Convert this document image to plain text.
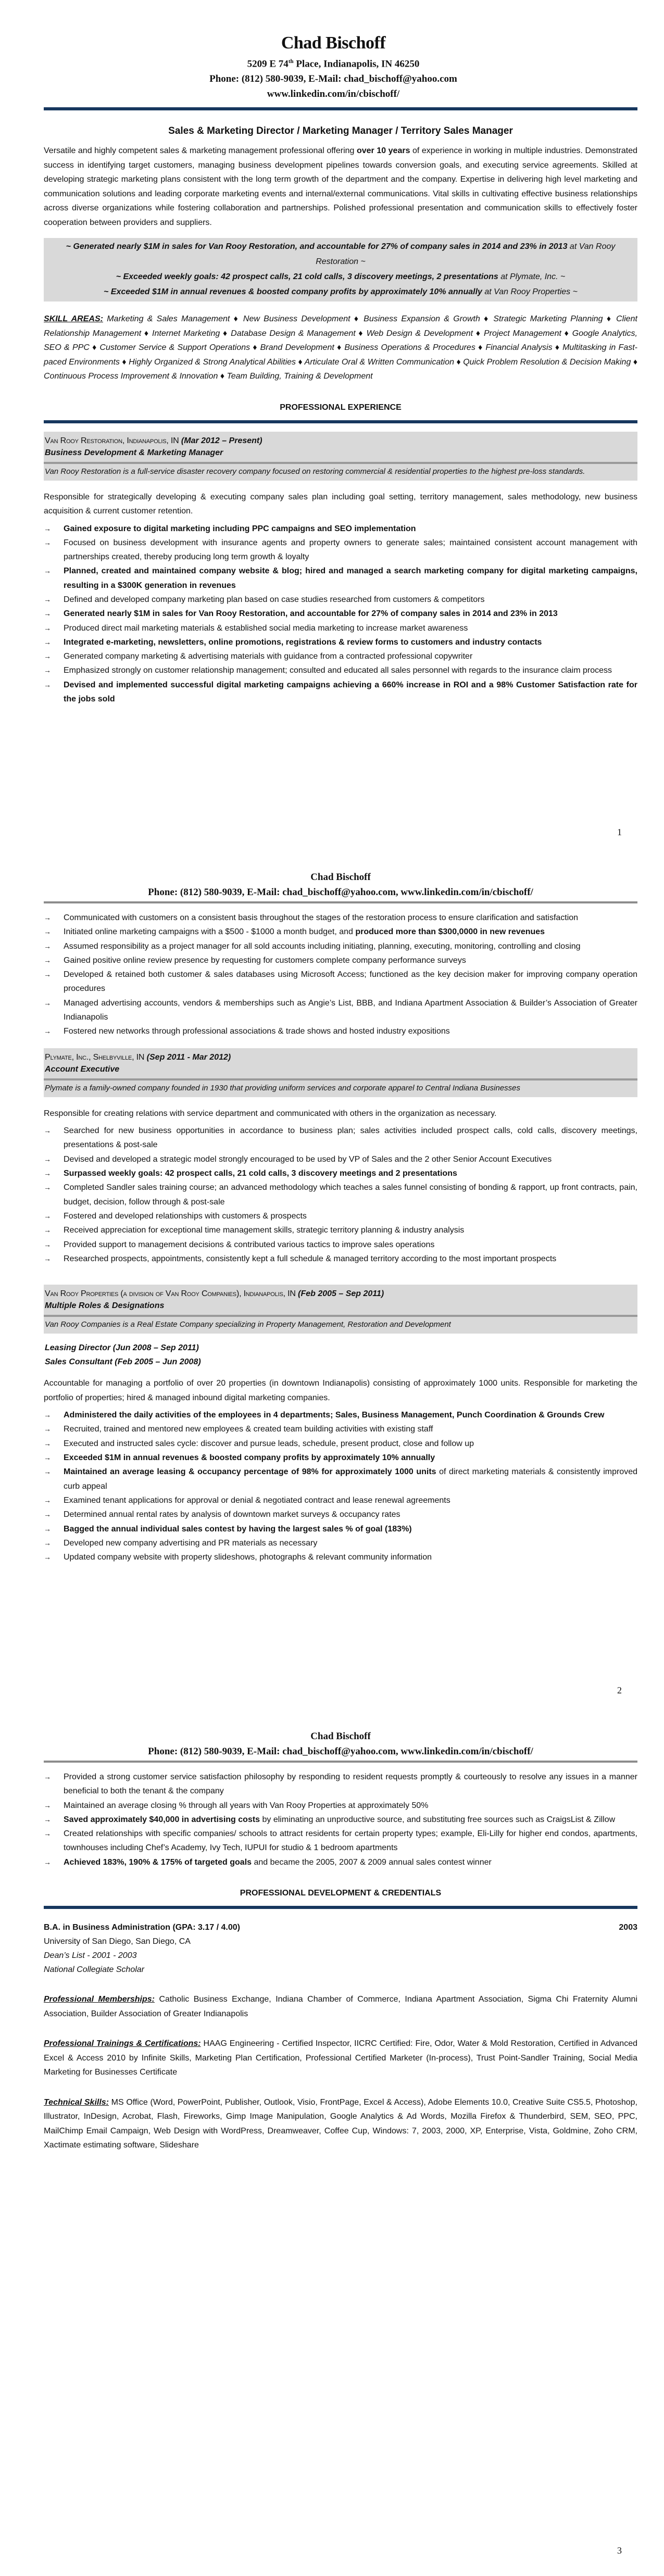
Chad Bischoff
5209 E 74th Place, Indianapolis, IN 46250
Phone: (812) 580-9039, E-Mail: chad_bischoff@yahoo.com
www.linkedin.com/in/cbischoff/
Sales & Marketing Director / Marketing Manager / Territory Sales Manager

Versatile and highly competent sales & marketing management professional offering over 10 years of experience in working in multiple industries. Demonstrated success in identifying target customers, managing business development pipelines towards conversion goals, and executing service agreements. Skilled at developing strategic marketing plans consistent with the long term growth of the department and the company. Expertise in delivering high level marketing and communication solutions and leading corporate marketing events and internal/external communications. Vital skills in cultivating effective business relationships across diverse organizations while fostering collaboration and partnerships. Polished professional presentation and communication skills to effectively foster cooperation between providers and suppliers.

~ Generated nearly $1M in sales for Van Rooy Restoration, and accountable for 27% of company sales in 2014 and 23% in 2013 at Van Rooy Restoration ~
~ Exceeded weekly goals: 42 prospect calls, 21 cold calls, 3 discovery meetings, 2 presentations at Plymate, Inc. ~
~ Exceeded $1M in annual revenues & boosted company profits by approximately 10% annually at Van Rooy Properties ~

SKILL AREAS: Marketing & Sales Management ♦ New Business Development ♦ Business Expansion & Growth ♦ Strategic Marketing Planning ♦ Client Relationship Management ♦ Internet Marketing ♦ Database Design & Management ♦ Web Design & Development ♦ Project Management ♦ Google Analytics, SEO & PPC ♦ Customer Service & Support Operations ♦ Brand Development ♦ Business Operations & Procedures ♦ Financial Analysis ♦ Multitasking in Fast-paced Environments ♦ Highly Organized & Strong Analytical Abilities ♦ Articulate Oral & Written Communication ♦ Quick Problem Resolution & Decision Making ♦ Continuous Process Improvement & Innovation ♦ Team Building, Training & Development

PROFESSIONAL EXPERIENCE
Van Rooy Restoration, Indianapolis, IN (Mar 2012 – Present)
Business Development & Marketing Manager
Van Rooy Restoration is a full-service disaster recovery company focused on restoring commercial & residential properties to the highest pre-loss standards.

Responsible for strategically developing & executing company sales plan including goal setting, territory management, sales methodology, new business acquisition & current customer retention.

→ Gained exposure to digital marketing including PPC campaigns and SEO implementation
→ Focused on business development with insurance agents and property owners to generate sales; maintained consistent account management with partnerships created, thereby producing long term growth & loyalty
→ Planned, created and maintained company website & blog; hired and managed a search marketing company for digital marketing campaigns, resulting in a $300K generation in revenues
→ Defined and developed company marketing plan based on case studies researched from customers & competitors
→ Generated nearly $1M in sales for Van Rooy Restoration, and accountable for 27% of company sales in 2014 and 23% in 2013
→ Produced direct mail marketing materials & established social media marketing to increase market awareness
→ Integrated e-marketing, newsletters, online promotions, registrations & review forms to customers and industry contacts
→ Generated company marketing & advertising materials with guidance from a contracted professional copywriter
→ Emphasized strongly on customer relationship management; consulted and educated all sales personnel with regards to the insurance claim process
→ Devised and implemented successful digital marketing campaigns achieving a 660% increase in ROI and a 98% Customer Satisfaction rate for the jobs sold
1
Chad Bischoff
Phone: (812) 580-9039, E-Mail: chad_bischoff@yahoo.com, www.linkedin.com/in/cbischoff/
→ Communicated with customers on a consistent basis throughout the stages of the restoration process to ensure clarification and satisfaction
→ Initiated online marketing campaigns with a $500 - $1000 a month budget, and produced more than $300,0000 in new revenues
→ Assumed responsibility as a project manager for all sold accounts including initiating, planning, executing, monitoring, controlling and closing
→ Gained positive online review presence by requesting for customers complete company performance surveys
→ Developed & retained both customer & sales databases using Microsoft Access; functioned as the key decision maker for improving company operation procedures
→ Managed advertising accounts, vendors & memberships such as Angie’s List, BBB, and Indiana Apartment Association & Builder’s Association of Greater Indianapolis
→ Fostered new networks through professional associations & trade shows and hosted industry expositions
Plymate, Inc., Shelbyville, IN (Sep 2011 - Mar 2012)
Account Executive
Plymate is a family-owned company founded in 1930 that providing uniform services and corporate apparel to Central Indiana Businesses

Responsible for creating relations with service department and communicated with others in the organization as necessary.

→ Searched for new business opportunities in accordance to business plan; sales activities included prospect calls, cold calls, discovery meetings, presentations & post-sale
→ Devised and developed a strategic model strongly encouraged to be used by VP of Sales and the 2 other Senior Account Executives
→ Surpassed weekly goals: 42 prospect calls, 21 cold calls, 3 discovery meetings and 2 presentations
→ Completed Sandler sales training course; an advanced methodology which teaches a sales funnel consisting of bonding & rapport, up front contracts, pain, budget, decision, follow through & post-sale
→ Fostered and developed relationships with customers & prospects
→ Received appreciation for exceptional time management skills, strategic territory planning & industry analysis
→ Provided support to management decisions & contributed various tactics to improve sales operations
→ Researched prospects, appointments, consistently kept a full schedule & managed territory according to the most important prospects
Van Rooy Properties (a division of Van Rooy Companies), Indianapolis, IN (Feb 2005 – Sep 2011)
Multiple Roles & Designations
Van Rooy Companies is a Real Estate Company specializing in Property Management, Restoration and Development
Leasing Director (Jun 2008 – Sep 2011)
Sales Consultant (Feb 2005 – Jun 2008)

Accountable for managing a portfolio of over 20 properties (in downtown Indianapolis) consisting of approximately 1000 units. Responsible for marketing the portfolio of properties; hired & managed inbound digital marketing companies.

→ Administered the daily activities of the employees in 4 departments; Sales, Business Management, Punch Coordination & Grounds Crew
→ Recruited, trained and mentored new employees & created team building activities with existing staff
→ Executed and instructed sales cycle: discover and pursue leads, schedule, present product, close and follow up
→ Exceeded $1M in annual revenues & boosted company profits by approximately 10% annually
→ Maintained an average leasing & occupancy percentage of 98% for approximately 1000 units of direct marketing materials & consistently improved curb appeal
→ Examined tenant applications for approval or denial & negotiated contract and lease renewal agreements
→ Determined annual rental rates by analysis of downtown market surveys & occupancy rates
→ Bagged the annual individual sales contest by having the largest sales % of goal (183%)
→ Developed new company advertising and PR materials as necessary
→ Updated company website with property slideshows, photographs & relevant community information
2
Chad Bischoff
Phone: (812) 580-9039, E-Mail: chad_bischoff@yahoo.com, www.linkedin.com/in/cbischoff/
→ Provided a strong customer service satisfaction philosophy by responding to resident requests promptly & courteously to resolve any issues in a manner beneficial to both the tenant & the company
→ Maintained an average closing % through all years with Van Rooy Properties at approximately 50%
→ Saved approximately $40,000 in advertising costs by eliminating an unproductive source, and substituting free sources such as CraigsList & Zillow
→ Created relationships with specific companies/ schools to attract residents for certain property types; example, Eli-Lilly for higher end condos, apartments, townhouses including Chef’s Academy, Ivy Tech, IUPUI for studio & 1 bedroom apartments
→ Achieved 183%, 190% & 175% of targeted goals and became the 2005, 2007 & 2009 annual sales contest winner
PROFESSIONAL DEVELOPMENT & CREDENTIALS
B.A. in Business Administration (GPA: 3.17 / 4.00)	2003
University of San Diego, San Diego, CA
Dean’s List - 2001 - 2003
National Collegiate Scholar

Professional Memberships: Catholic Business Exchange, Indiana Chamber of Commerce, Indiana Apartment Association, Sigma Chi Fraternity Alumni Association, Builder Association of Greater Indianapolis

Professional Trainings & Certifications: HAAG Engineering - Certified Inspector, IICRC Certified: Fire, Odor, Water & Mold Restoration, Certified in Advanced Excel & Access 2010 by Infinite Skills, Marketing Plan Certification, Professional Certified Marketer (In-process), Trust Point-Sandler Training, Social Media Marketing for Businesses Certificate

Technical Skills: MS Office (Word, PowerPoint, Publisher, Outlook, Visio, FrontPage, Excel & Access), Adobe Elements 10.0, Creative Suite CS5.5, Photoshop, Illustrator, InDesign, Acrobat, Flash, Fireworks, Gimp Image Manipulation, Google Analytics & Ad Words, Mozilla Firefox & Thunderbird, SEM, SEO, PPC, MailChimp Email Campaign, Web Design with WordPress, Dreamweaver, Coffee Cup, Windows: 7, 2003, 2000, XP, Enterprise, Vista, Goldmine, Zoho CRM, Xactimate estimating software, Slideshare

3
